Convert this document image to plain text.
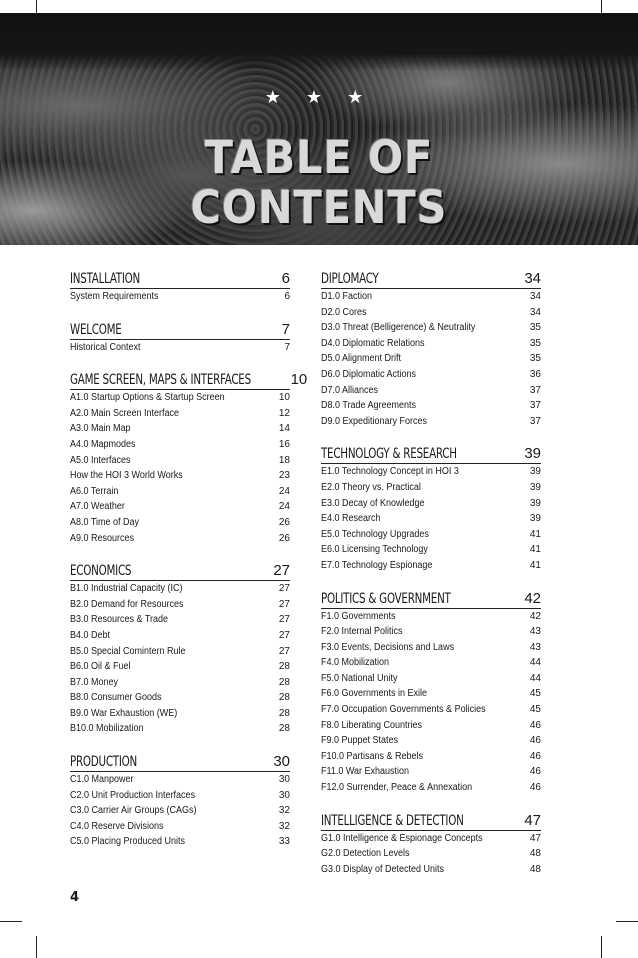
★ ★ ★
TABLE OF
CONTENTS
INSTALLATION	6
System Requirements	6
WELCOME	7
Historical Context	7
GAME SCREEN, MAPS & INTERFACES	10
A1.0 Startup Options & Startup Screen	10
A2.0 Main Screen Interface	12
A3.0 Main Map	14
A4.0 Mapmodes	16
A5.0 Interfaces	18
How the HOI 3 World Works	23
A6.0 Terrain	24
A7.0 Weather	24
A8.0 Time of Day	26
A9.0 Resources	26
ECONOMICS	27
B1.0 Industrial Capacity (IC)	27
B2.0 Demand for Resources	27
B3.0 Resources & Trade	27
B4.0 Debt	27
B5.0 Special Comintern Rule	27
B6.0 Oil & Fuel	28
B7.0 Money	28
B8.0 Consumer Goods	28
B9.0 War Exhaustion (WE)	28
B10.0 Mobilization	28
PRODUCTION	30
C1.0 Manpower	30
C2.0 Unit Production Interfaces	30
C3.0 Carrier Air Groups (CAGs)	32
C4.0 Reserve Divisions	32
C5.0 Placing Produced Units	33
DIPLOMACY	34
D1.0 Faction	34
D2.0 Cores	34
D3.0 Threat (Belligerence) & Neutrality	35
D4.0 Diplomatic Relations	35
D5.0 Alignment Drift	35
D6.0 Diplomatic Actions	36
D7.0 Alliances	37
D8.0 Trade Agreements	37
D9.0 Expeditionary Forces	37
TECHNOLOGY & RESEARCH	39
E1.0 Technology Concept in HOI 3	39
E2.0 Theory vs. Practical	39
E3.0 Decay of Knowledge	39
E4.0 Research	39
E5.0 Technology Upgrades	41
E6.0 Licensing Technology	41
E7.0 Technology Espionage	41
POLITICS & GOVERNMENT	42
F1.0 Governments	42
F2.0 Internal Politics	43
F3.0 Events, Decisions and Laws	43
F4.0 Mobilization	44
F5.0 National Unity	44
F6.0 Governments in Exile	45
F7.0 Occupation Governments & Policies	45
F8.0 Liberating Countries	46
F9.0 Puppet States	46
F10.0 Partisans & Rebels	46
F11.0 War Exhaustion	46
F12.0 Surrender, Peace & Annexation	46
INTELLIGENCE & DETECTION	47
G1.0 Intelligence & Espionage Concepts	47
G2.0 Detection Levels	48
G3.0 Display of Detected Units	48
4
